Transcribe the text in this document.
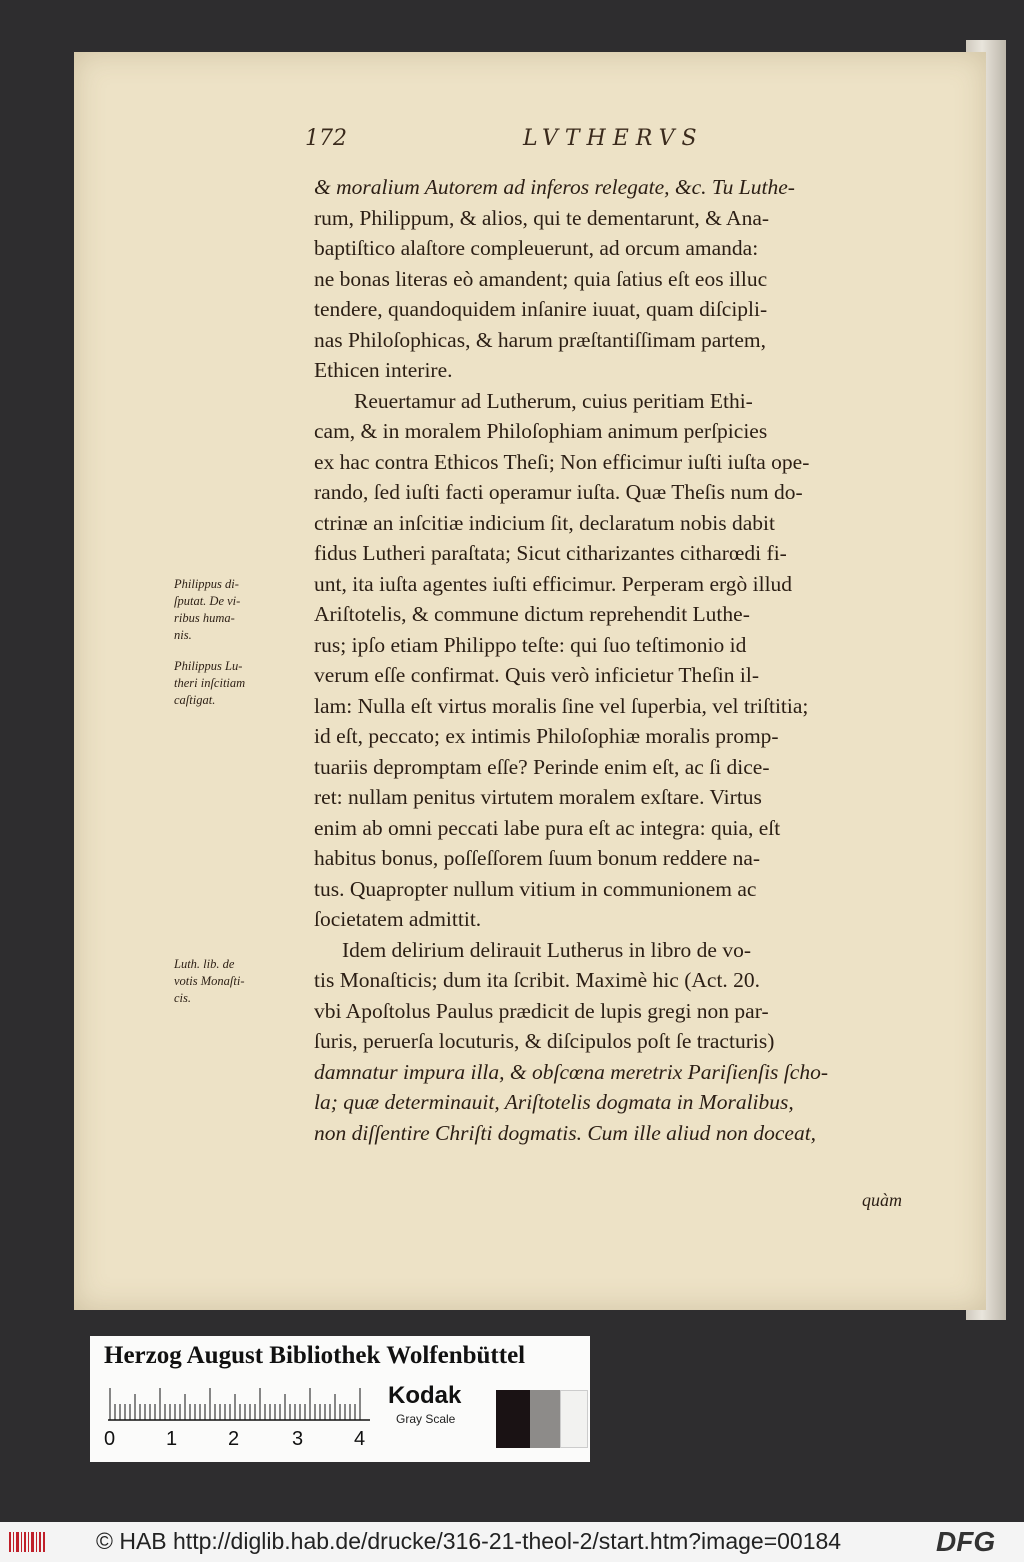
172	LVTHERVS
& moralium Autorem ad inferos relegate, &c. Tu Luthe-
rum, Philippum, & alios, qui te dementarunt, & Ana-
baptiſtico alaſtore compleuerunt, ad orcum amanda:
ne bonas literas eò amandent; quia ſatius eſt eos illuc
tendere, quandoquidem inſanire iuuat, quam diſcipli-
nas Philoſophicas, & harum præſtantiſſimam partem,
Ethicen interire.
Reuertamur ad Lutherum, cuius peritiam Ethi-
cam, & in moralem Philoſophiam animum perſpicies
ex hac contra Ethicos Theſi; Non efficimur iuſti iuſta ope-
rando, ſed iuſti facti operamur iuſta. Quæ Theſis num do-
ctrinæ an inſcitiæ indicium ſit, declaratum nobis dabit
fidus Lutheri paraſtata; Sicut citharizantes citharœdi fi-
unt, ita iuſta agentes iuſti efficimur. Perperam ergò illud
Ariſtotelis, & commune dictum reprehendit Luthe-
rus; ipſo etiam Philippo teſte: qui ſuo teſtimonio id
verum eſſe confirmat. Quis verò inficietur Theſin il-
lam: Nulla eſt virtus moralis ſine vel ſuperbia, vel triſtitia;
id eſt, peccato; ex intimis Philoſophiæ moralis promp-
tuariis depromptam eſſe? Perinde enim eſt, ac ſi dice-
ret: nullam penitus virtutem moralem exſtare. Virtus
enim ab omni peccati labe pura eſt ac integra: quia, eſt
habitus bonus, poſſeſſorem ſuum bonum reddere na-
tus. Quapropter nullum vitium in communionem ac
ſocietatem admittit.
Idem delirium delirauit Lutherus in libro de vo-
tis Monaſticis; dum ita ſcribit. Maximè hic (Act. 20.
vbi Apoſtolus Paulus prædicit de lupis gregi non par-
ſuris, peruerſa locuturis, & diſcipulos poſt ſe tracturis)
damnatur impura illa, & obſcœna meretrix Pariſienſis ſcho-
la; quæ determinauit, Ariſtotelis dogmata in Moralibus,
non diſſentire Chriſti dogmatis. Cum ille aliud non doceat,
quàm
Philippus di-
ſputat. De vi-
ribus huma-
nis.
Philippus Lu-
theri inſcitiam
caſtigat.
Luth. lib. de
votis Monaſti-
cis.
Herzog August Bibliothek Wolfenbüttel
0	1	2	3	4
Kodak
Gray Scale
© HAB http://diglib.hab.de/drucke/316-21-theol-2/start.htm?image=00184	DFG
